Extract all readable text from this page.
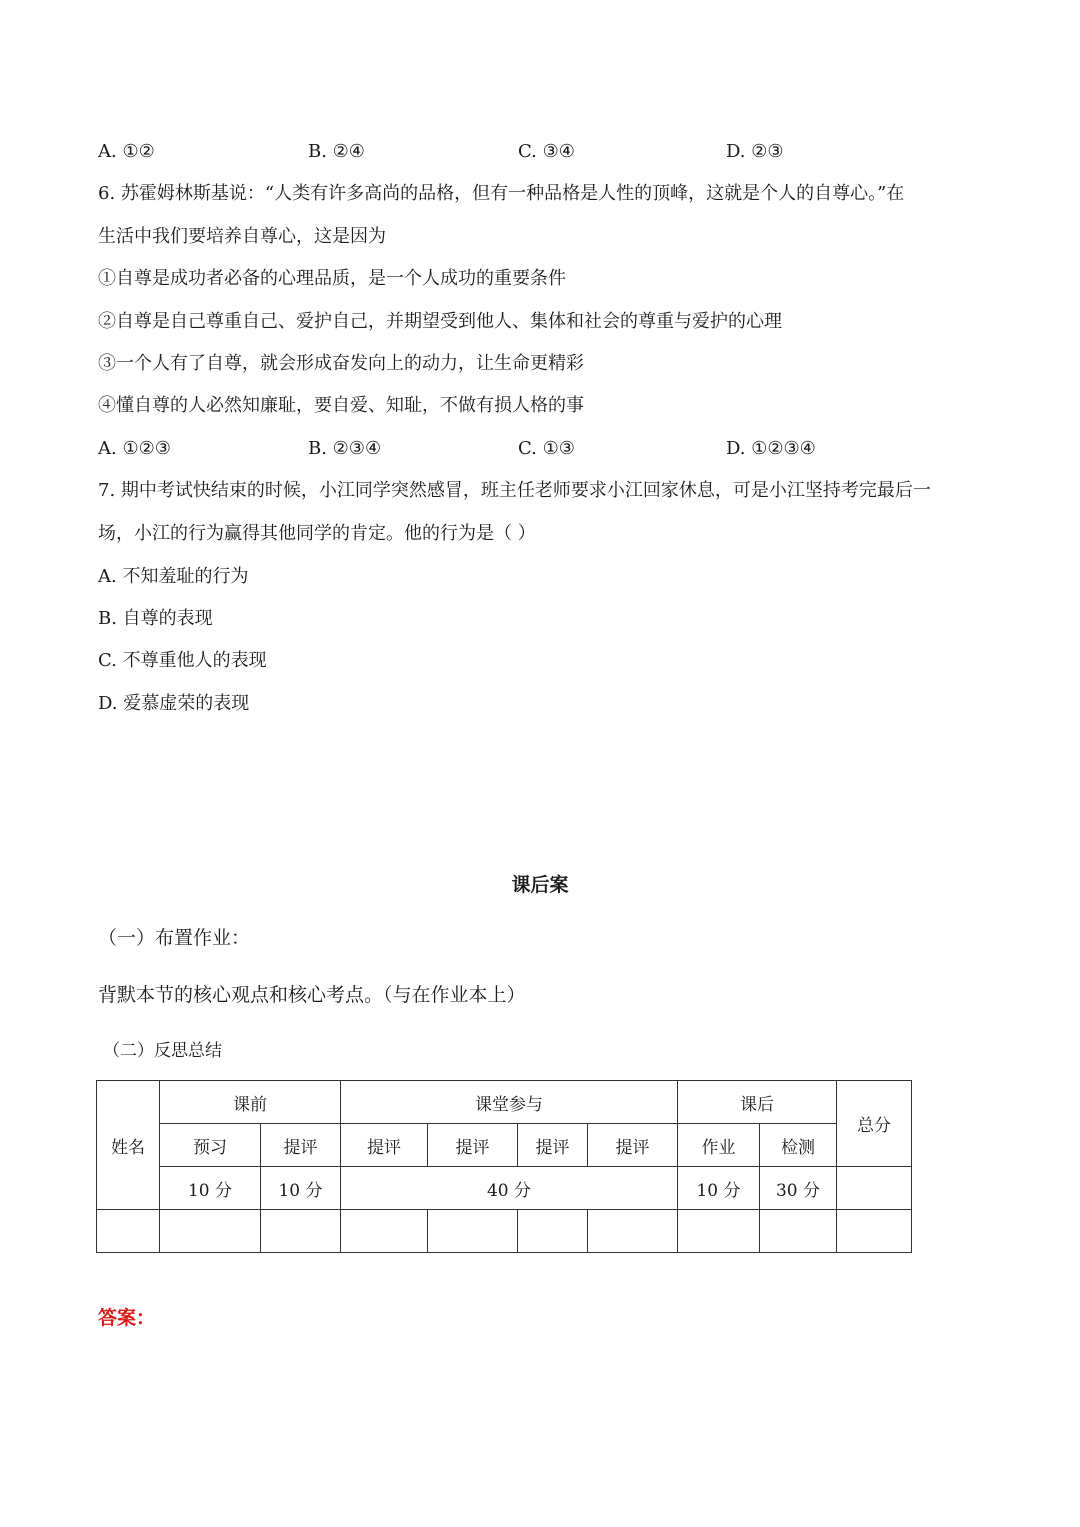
A. ①②	B. ②④	C. ③④	D. ②③
6. 苏霍姆林斯基说：“人类有许多高尚的品格，但有一种品格是人性的顶峰，这就是个人的自尊心。”在
生活中我们要培养自尊心，这是因为
①自尊是成功者必备的心理品质，是一个人成功的重要条件
②自尊是自己尊重自己、爱护自己，并期望受到他人、集体和社会的尊重与爱护的心理
③一个人有了自尊，就会形成奋发向上的动力，让生命更精彩
④懂自尊的人必然知廉耻，要自爱、知耻，不做有损人格的事
A. ①②③	B. ②③④	C. ①③	D. ①②③④
7. 期中考试快结束的时候，小江同学突然感冒，班主任老师要求小江回家休息，可是小江坚持考完最后一
场，小江的行为赢得其他同学的肯定。他的行为是（ ）
A. 不知羞耻的行为
B. 自尊的表现
C. 不尊重他人的表现
D. 爱慕虚荣的表现
课后案
（一）布置作业：
背默本节的核心观点和核心考点。（与在作业本上）
（二）反思总结
姓名	课前		课堂参与				课后		总分
	预习	提评	提评	提评	提评	提评	作业	检测	
	10 分	10 分	40 分				10 分	30 分	

答案：
